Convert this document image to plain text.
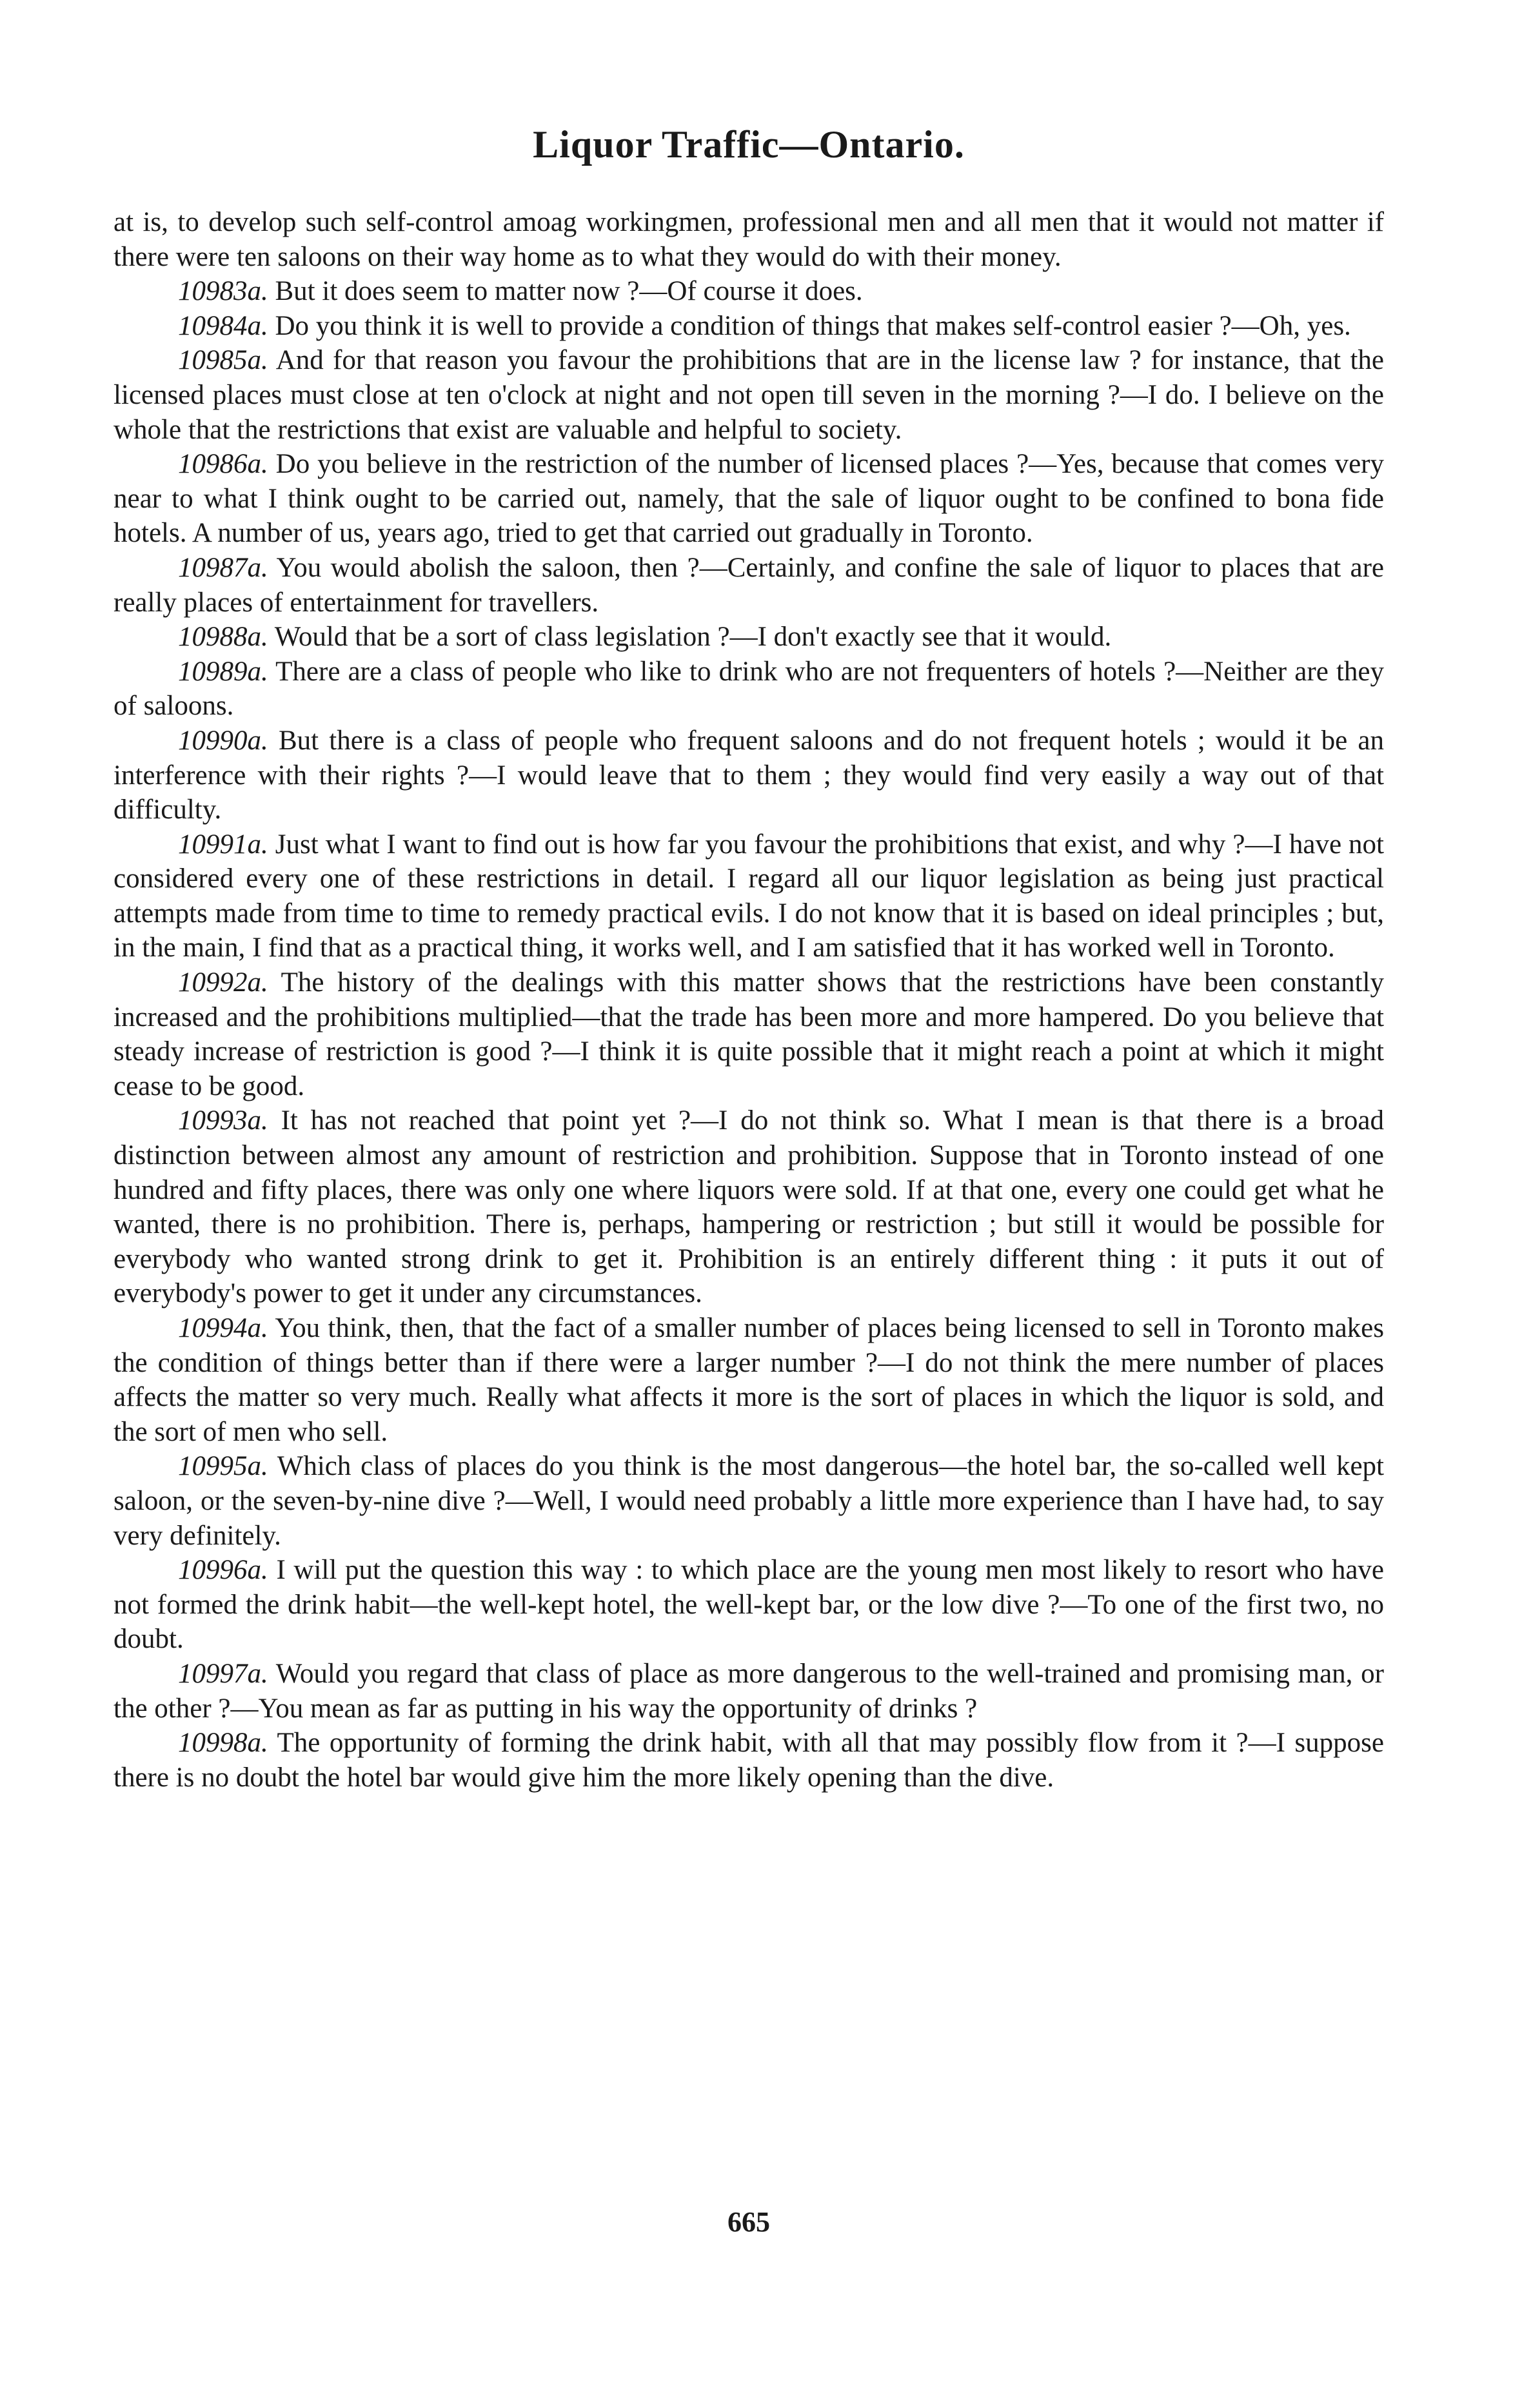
Liquor Traffic—Ontario.

at is, to develop such self-control amoag workingmen, professional men and all men that it would not matter if there were ten saloons on their way home as to what they would do with their money.

10983a. But it does seem to matter now ?—Of course it does.

10984a. Do you think it is well to provide a condition of things that makes self-control easier ?—Oh, yes.

10985a. And for that reason you favour the prohibitions that are in the license law ? for instance, that the licensed places must close at ten o'clock at night and not open till seven in the morning ?—I do. I believe on the whole that the restrictions that exist are valuable and helpful to society.

10986a. Do you believe in the restriction of the number of licensed places ?—Yes, because that comes very near to what I think ought to be carried out, namely, that the sale of liquor ought to be confined to bona fide hotels. A number of us, years ago, tried to get that carried out gradually in Toronto.

10987a. You would abolish the saloon, then ?—Certainly, and confine the sale of liquor to places that are really places of entertainment for travellers.

10988a. Would that be a sort of class legislation ?—I don't exactly see that it would.

10989a. There are a class of people who like to drink who are not frequenters of hotels ?—Neither are they of saloons.

10990a. But there is a class of people who frequent saloons and do not frequent hotels ; would it be an interference with their rights ?—I would leave that to them ; they would find very easily a way out of that difficulty.

10991a. Just what I want to find out is how far you favour the prohibitions that exist, and why ?—I have not considered every one of these restrictions in detail. I regard all our liquor legislation as being just practical attempts made from time to time to remedy practical evils. I do not know that it is based on ideal principles ; but, in the main, I find that as a practical thing, it works well, and I am satisfied that it has worked well in Toronto.

10992a. The history of the dealings with this matter shows that the restrictions have been constantly increased and the prohibitions multiplied—that the trade has been more and more hampered. Do you believe that steady increase of restriction is good ?—I think it is quite possible that it might reach a point at which it might cease to be good.

10993a. It has not reached that point yet ?—I do not think so. What I mean is that there is a broad distinction between almost any amount of restriction and prohibition. Suppose that in Toronto instead of one hundred and fifty places, there was only one where liquors were sold. If at that one, every one could get what he wanted, there is no prohibition. There is, perhaps, hampering or restriction ; but still it would be possible for everybody who wanted strong drink to get it. Prohibition is an entirely different thing : it puts it out of everybody's power to get it under any circumstances.

10994a. You think, then, that the fact of a smaller number of places being licensed to sell in Toronto makes the condition of things better than if there were a larger number ?—I do not think the mere number of places affects the matter so very much. Really what affects it more is the sort of places in which the liquor is sold, and the sort of men who sell.

10995a. Which class of places do you think is the most dangerous—the hotel bar, the so-called well kept saloon, or the seven-by-nine dive ?—Well, I would need probably a little more experience than I have had, to say very definitely.

10996a. I will put the question this way : to which place are the young men most likely to resort who have not formed the drink habit—the well-kept hotel, the well-kept bar, or the low dive ?—To one of the first two, no doubt.

10997a. Would you regard that class of place as more dangerous to the well-trained and promising man, or the other ?—You mean as far as putting in his way the opportunity of drinks ?

10998a. The opportunity of forming the drink habit, with all that may possibly flow from it ?—I suppose there is no doubt the hotel bar would give him the more likely opening than the dive.

665
